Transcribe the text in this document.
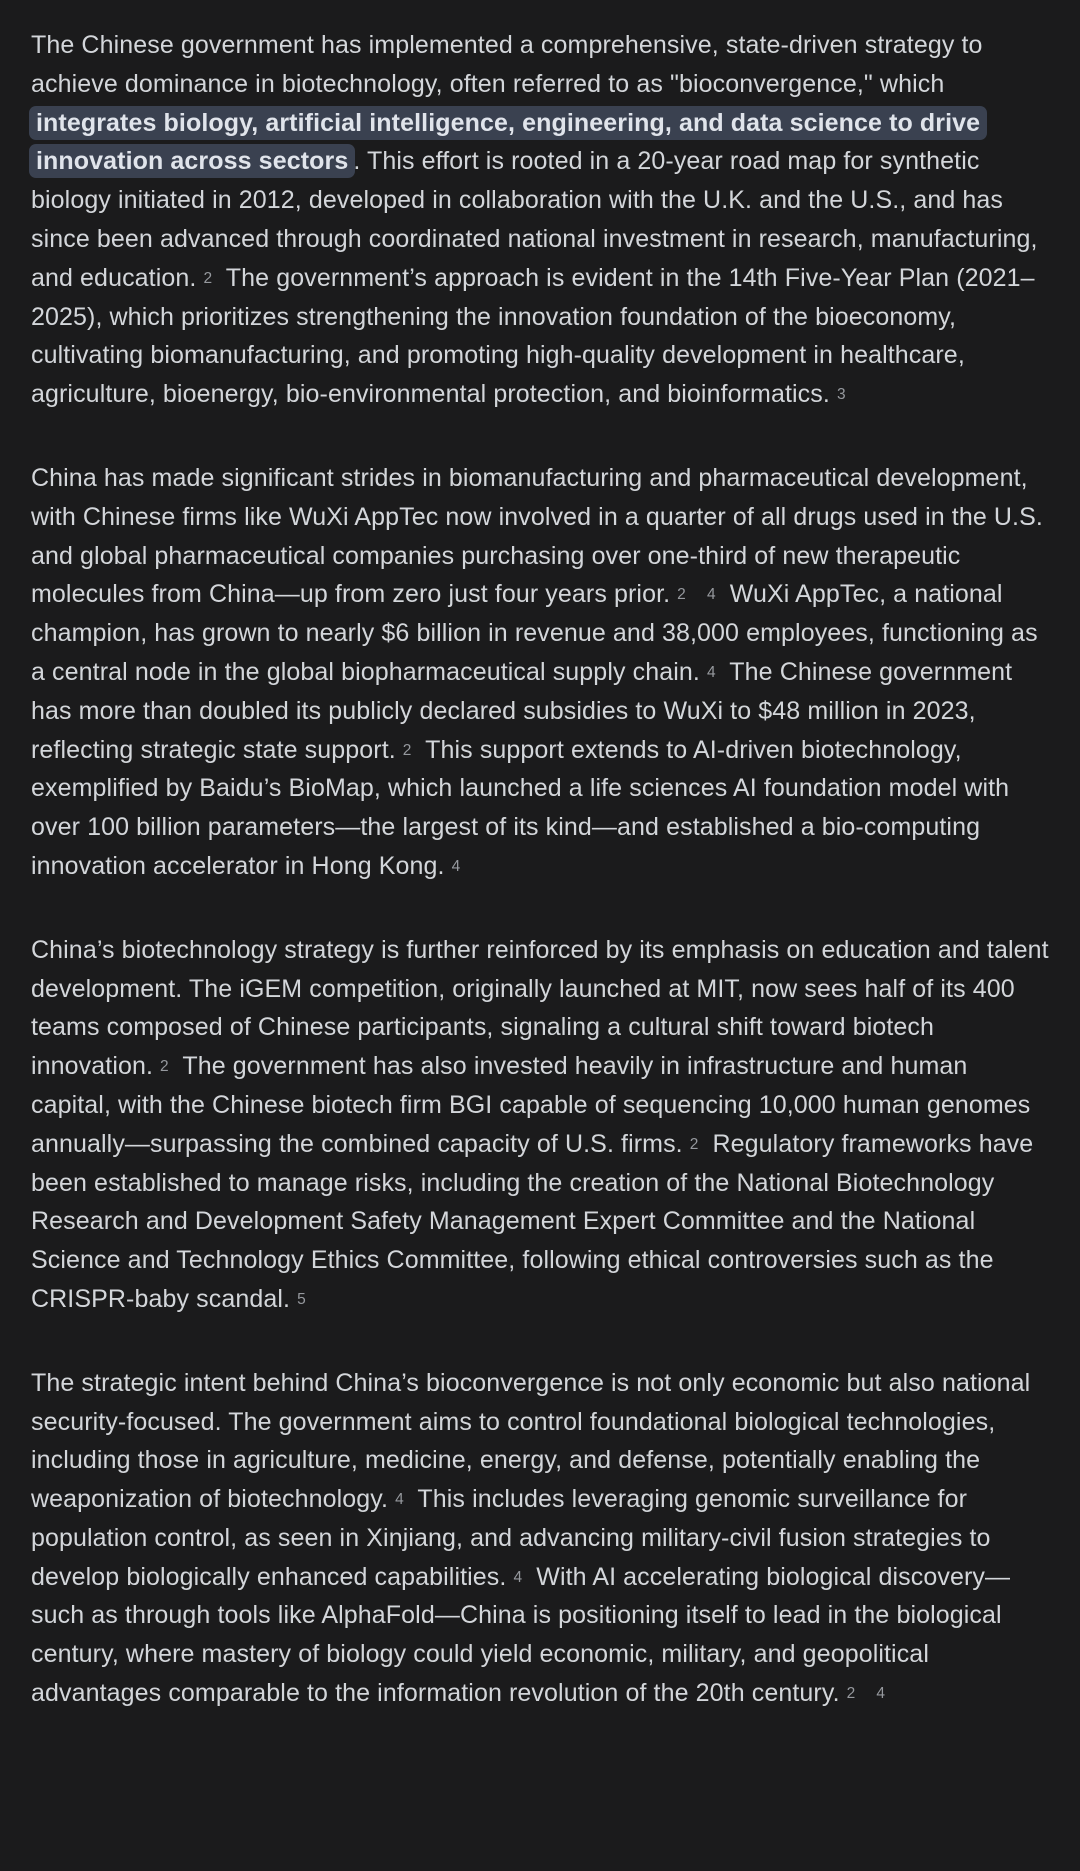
The Chinese government has implemented a comprehensive, state-driven strategy to achieve dominance in biotechnology, often referred to as "bioconvergence," which integrates biology, artificial intelligence, engineering, and data science to drive innovation across sectors . This effort is rooted in a 20-year road map for synthetic biology initiated in 2012, developed in collaboration with the U.K. and the U.S., and has since been advanced through coordinated national investment in research, manufacturing, and education. 2 The government’s approach is evident in the 14th Five-Year Plan (2021–2025), which prioritizes strengthening the innovation foundation of the bioeconomy, cultivating biomanufacturing, and promoting high-quality development in healthcare, agriculture, bioenergy, bio-environmental protection, and bioinformatics. 3

China has made significant strides in biomanufacturing and pharmaceutical development, with Chinese firms like WuXi AppTec now involved in a quarter of all drugs used in the U.S. and global pharmaceutical companies purchasing over one-third of new therapeutic molecules from China—up from zero just four years prior. 2 4 WuXi AppTec, a national champion, has grown to nearly $6 billion in revenue and 38,000 employees, functioning as a central node in the global biopharmaceutical supply chain. 4 The Chinese government has more than doubled its publicly declared subsidies to WuXi to $48 million in 2023, reflecting strategic state support. 2 This support extends to AI-driven biotechnology, exemplified by Baidu’s BioMap, which launched a life sciences AI foundation model with over 100 billion parameters—the largest of its kind—and established a bio-computing innovation accelerator in Hong Kong. 4

China’s biotechnology strategy is further reinforced by its emphasis on education and talent development. The iGEM competition, originally launched at MIT, now sees half of its 400 teams composed of Chinese participants, signaling a cultural shift toward biotech innovation. 2 The government has also invested heavily in infrastructure and human capital, with the Chinese biotech firm BGI capable of sequencing 10,000 human genomes annually—surpassing the combined capacity of U.S. firms. 2 Regulatory frameworks have been established to manage risks, including the creation of the National Biotechnology Research and Development Safety Management Expert Committee and the National Science and Technology Ethics Committee, following ethical controversies such as the CRISPR-baby scandal. 5

The strategic intent behind China’s bioconvergence is not only economic but also national security-focused. The government aims to control foundational biological technologies, including those in agriculture, medicine, energy, and defense, potentially enabling the weaponization of biotechnology. 4 This includes leveraging genomic surveillance for population control, as seen in Xinjiang, and advancing military-civil fusion strategies to develop biologically enhanced capabilities. 4 With AI accelerating biological discovery—such as through tools like AlphaFold—China is positioning itself to lead in the biological century, where mastery of biology could yield economic, military, and geopolitical advantages comparable to the information revolution of the 20th century. 2 4
